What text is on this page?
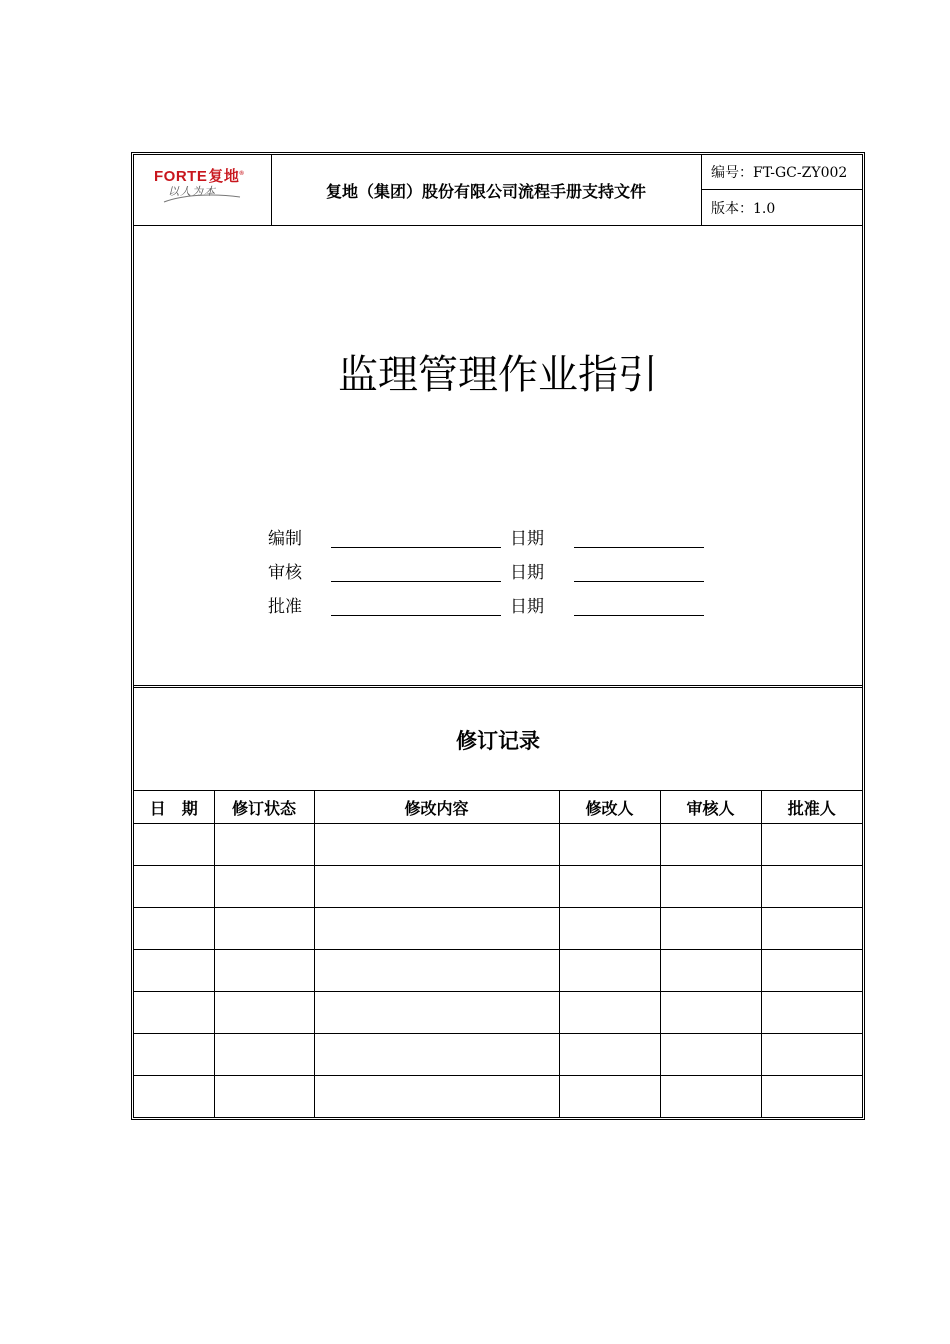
FORTE复地®
以人为本	复地（集团）股份有限公司流程手册支持文件
编号：FT-GC-ZY002
版本：1.0
监理管理作业指引
编制	日期
审核	日期
批准	日期
修订记录
日　期	修订状态	修改内容	修改人	审核人	批准人
